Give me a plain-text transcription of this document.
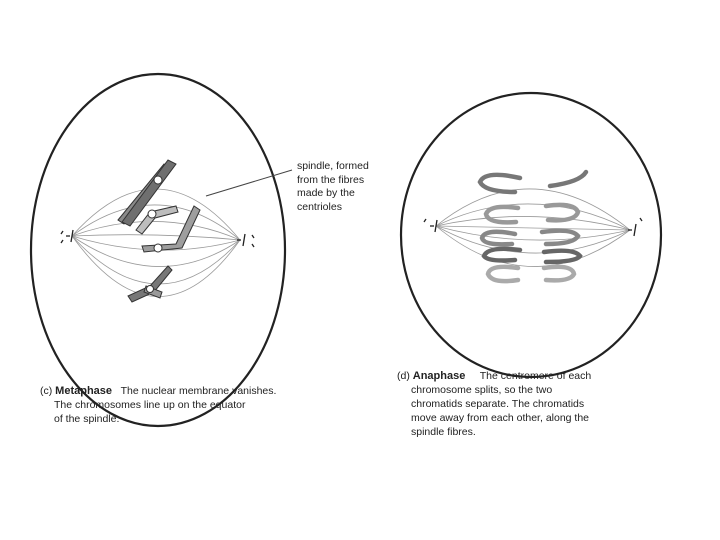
spindle, formed
from the fibres
made by the
centrioles
(c) Metaphase The nuclear membrane vanishes.
The chromosomes line up on the equator
of the spindle.
(d) Anaphase The centromere of each
chromosome splits, so the two
chromatids separate. The chromatids
move away from each other, along the
spindle fibres.
